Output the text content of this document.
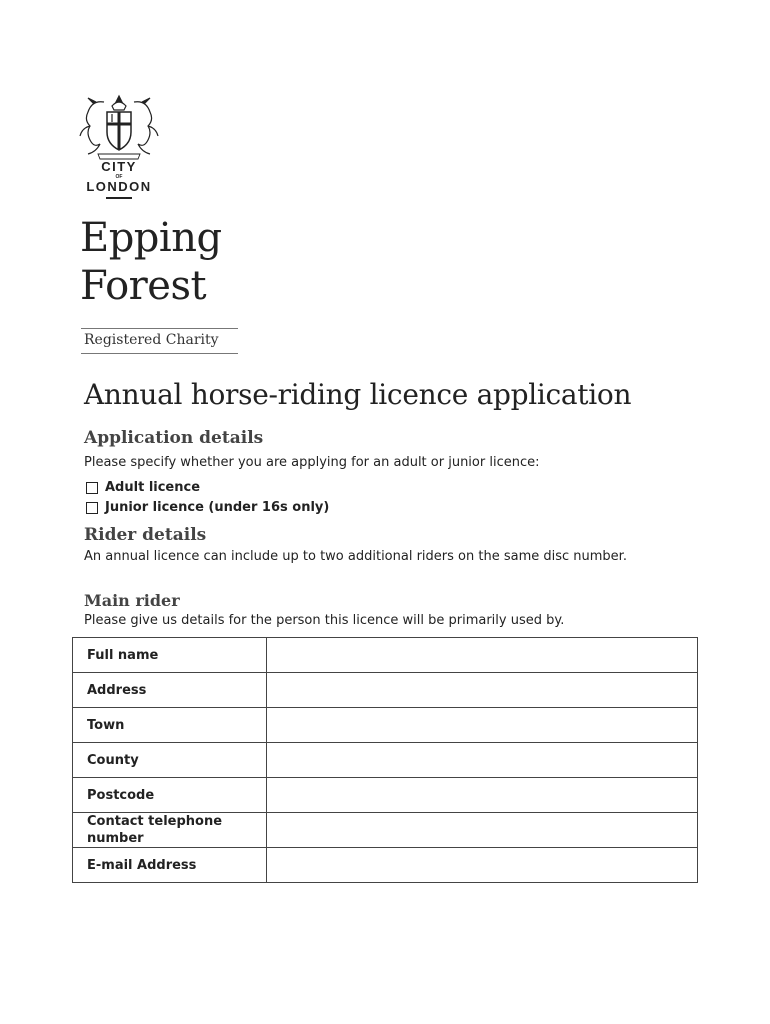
CITY
OF
LONDON
Epping
Forest
Registered Charity
Annual horse-riding licence application
Application details
Please specify whether you are applying for an adult or junior licence:
Adult licence
Junior licence (under 16s only)
Rider details
An annual licence can include up to two additional riders on the same disc number.
Main rider
Please give us details for the person this licence will be primarily used by.
Full name	
Address	
Town	
County	
Postcode	
Contact telephone number	
E-mail Address	
